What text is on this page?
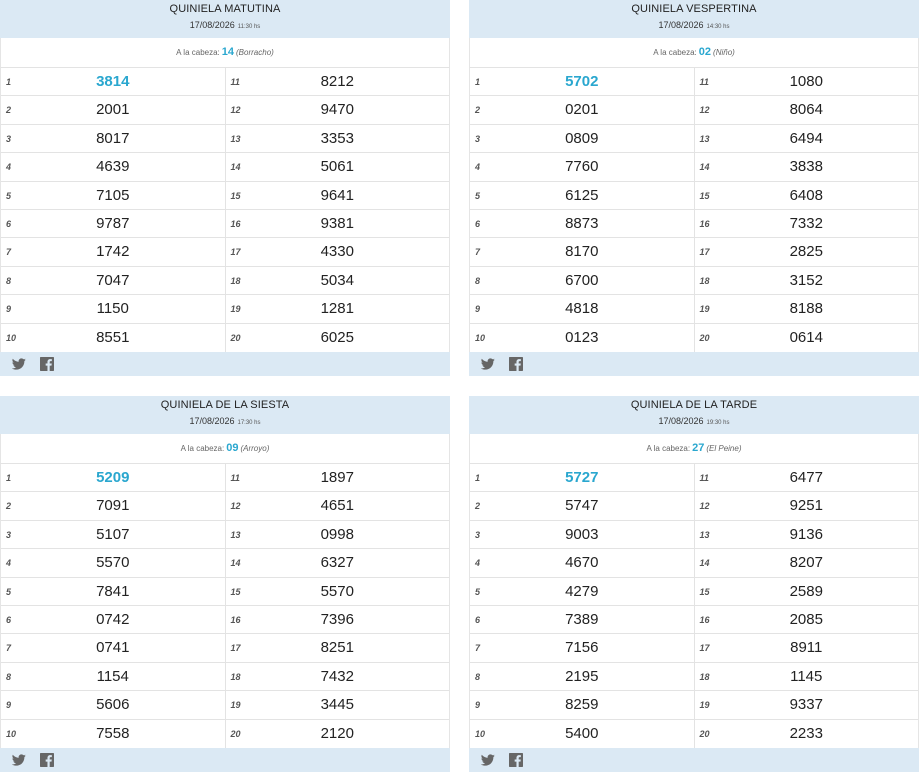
QUINIELA MATUTINA
17/08/2026 11:30 hs
A la cabeza: 14 (Borracho)
1	3814
2	2001
3	8017
4	4639
5	7105
6	9787
7	1742
8	7047
9	1150
10	8551
11	8212
12	9470
13	3353
14	5061
15	9641
16	9381
17	4330
18	5034
19	1281
20	6025
QUINIELA VESPERTINA
17/08/2026 14:30 hs
A la cabeza: 02 (Niño)
1	5702
2	0201
3	0809
4	7760
5	6125
6	8873
7	8170
8	6700
9	4818
10	0123
11	1080
12	8064
13	6494
14	3838
15	6408
16	7332
17	2825
18	3152
19	8188
20	0614
QUINIELA DE LA SIESTA
17/08/2026 17:30 hs
A la cabeza: 09 (Arroyo)
1	5209
2	7091
3	5107
4	5570
5	7841
6	0742
7	0741
8	1154
9	5606
10	7558
11	1897
12	4651
13	0998
14	6327
15	5570
16	7396
17	8251
18	7432
19	3445
20	2120
QUINIELA DE LA TARDE
17/08/2026 19:30 hs
A la cabeza: 27 (El Peine)
1	5727
2	5747
3	9003
4	4670
5	4279
6	7389
7	7156
8	2195
9	8259
10	5400
11	6477
12	9251
13	9136
14	8207
15	2589
16	2085
17	8911
18	1145
19	9337
20	2233
